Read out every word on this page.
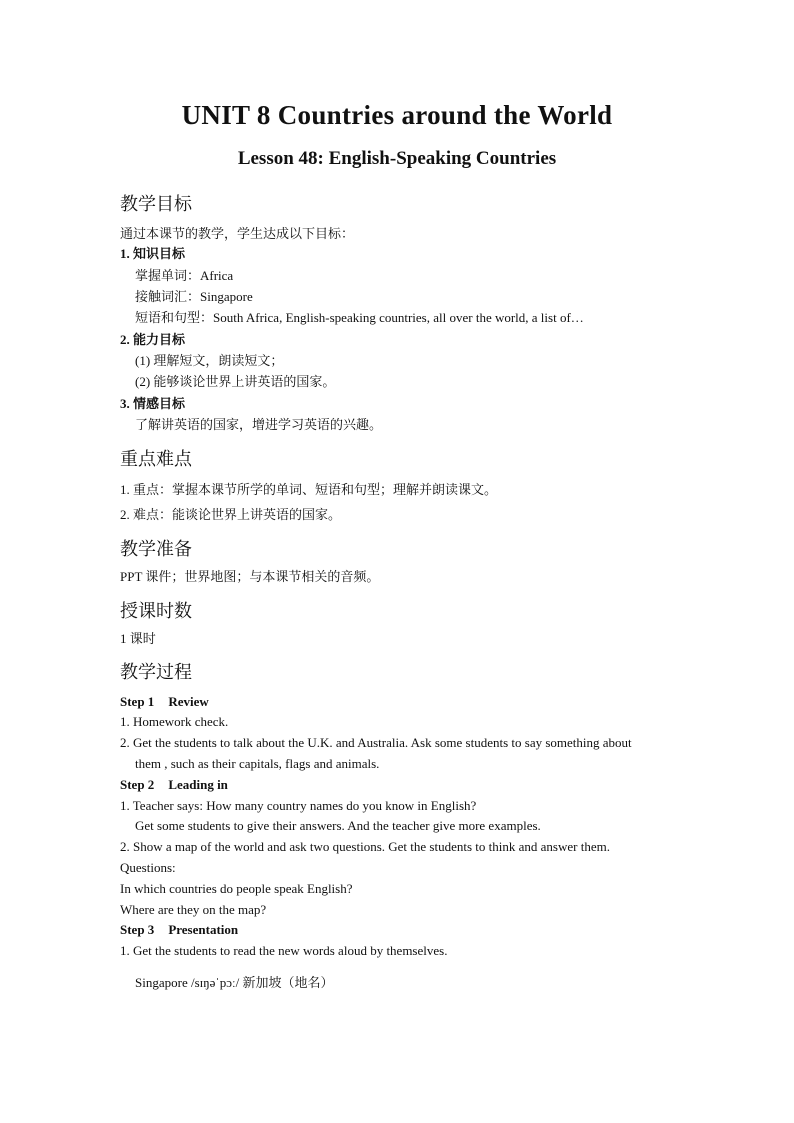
UNIT 8 Countries around the World
Lesson 48: English-Speaking Countries
教学目标
通过本课节的教学，学生达成以下目标：
1. 知识目标
掌握单词：Africa
接触词汇：Singapore
短语和句型：South Africa, English-speaking countries, all over the world, a list of…
2. 能力目标
(1) 理解短文，朗读短文；
(2) 能够谈论世界上讲英语的国家。
3. 情感目标
了解讲英语的国家，增进学习英语的兴趣。
重点难点
1. 重点：掌握本课节所学的单词、短语和句型；理解并朗读课文。
2. 难点：能谈论世界上讲英语的国家。
教学准备
PPT 课件；世界地图；与本课节相关的音频。
授课时数
1 课时
教学过程
Step 1 Review
1. Homework check.
2. Get the students to talk about the U.K. and Australia. Ask some students to say something about
them , such as their capitals, flags and animals.
Step 2 Leading in
1. Teacher says: How many country names do you know in English?
Get some students to give their answers. And the teacher give more examples.
2. Show a map of the world and ask two questions. Get the students to think and answer them.
Questions:
In which countries do people speak English?
Where are they on the map?
Step 3 Presentation
1. Get the students to read the new words aloud by themselves.
Singapore /sɪŋəˈpɔː/ 新加坡（地名）
